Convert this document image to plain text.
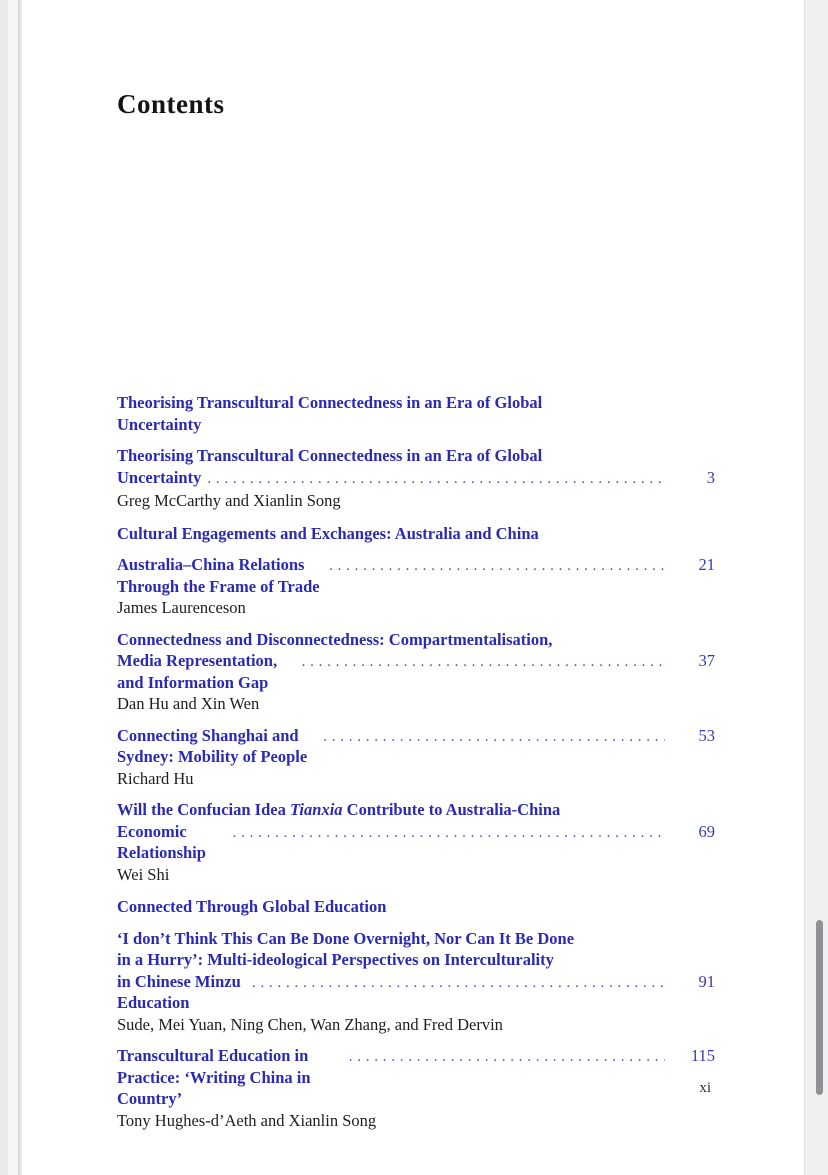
Contents
Theorising Transcultural Connectedness in an Era of Global
Uncertainty
Theorising Transcultural Connectedness in an Era of Global
Uncertainty . . .	3
Greg McCarthy and Xianlin Song
Cultural Engagements and Exchanges: Australia and China
Australia–China Relations Through the Frame of Trade
. . .
21
James Laurenceson
Connectedness and Disconnectedness: Compartmentalisation,
Media Representation, and Information Gap
. . .
37
Dan Hu and Xin Wen
Connecting Shanghai and Sydney: Mobility of People
. . .
53
Richard Hu
Will the Confucian Idea Tianxia Contribute to Australia-China
Economic Relationship
. . .
69
Wei Shi
Connected Through Global Education
‘I don’t Think This Can Be Done Overnight, Nor Can It Be Done
in a Hurry’: Multi-ideological Perspectives on Interculturality
in Chinese Minzu Education
. . .
91
Sude, Mei Yuan, Ning Chen, Wan Zhang, and Fred Dervin
Transcultural Education in Practice: ‘Writing China in Country’
. . .
115
Tony Hughes-d’Aeth and Xianlin Song
xi
